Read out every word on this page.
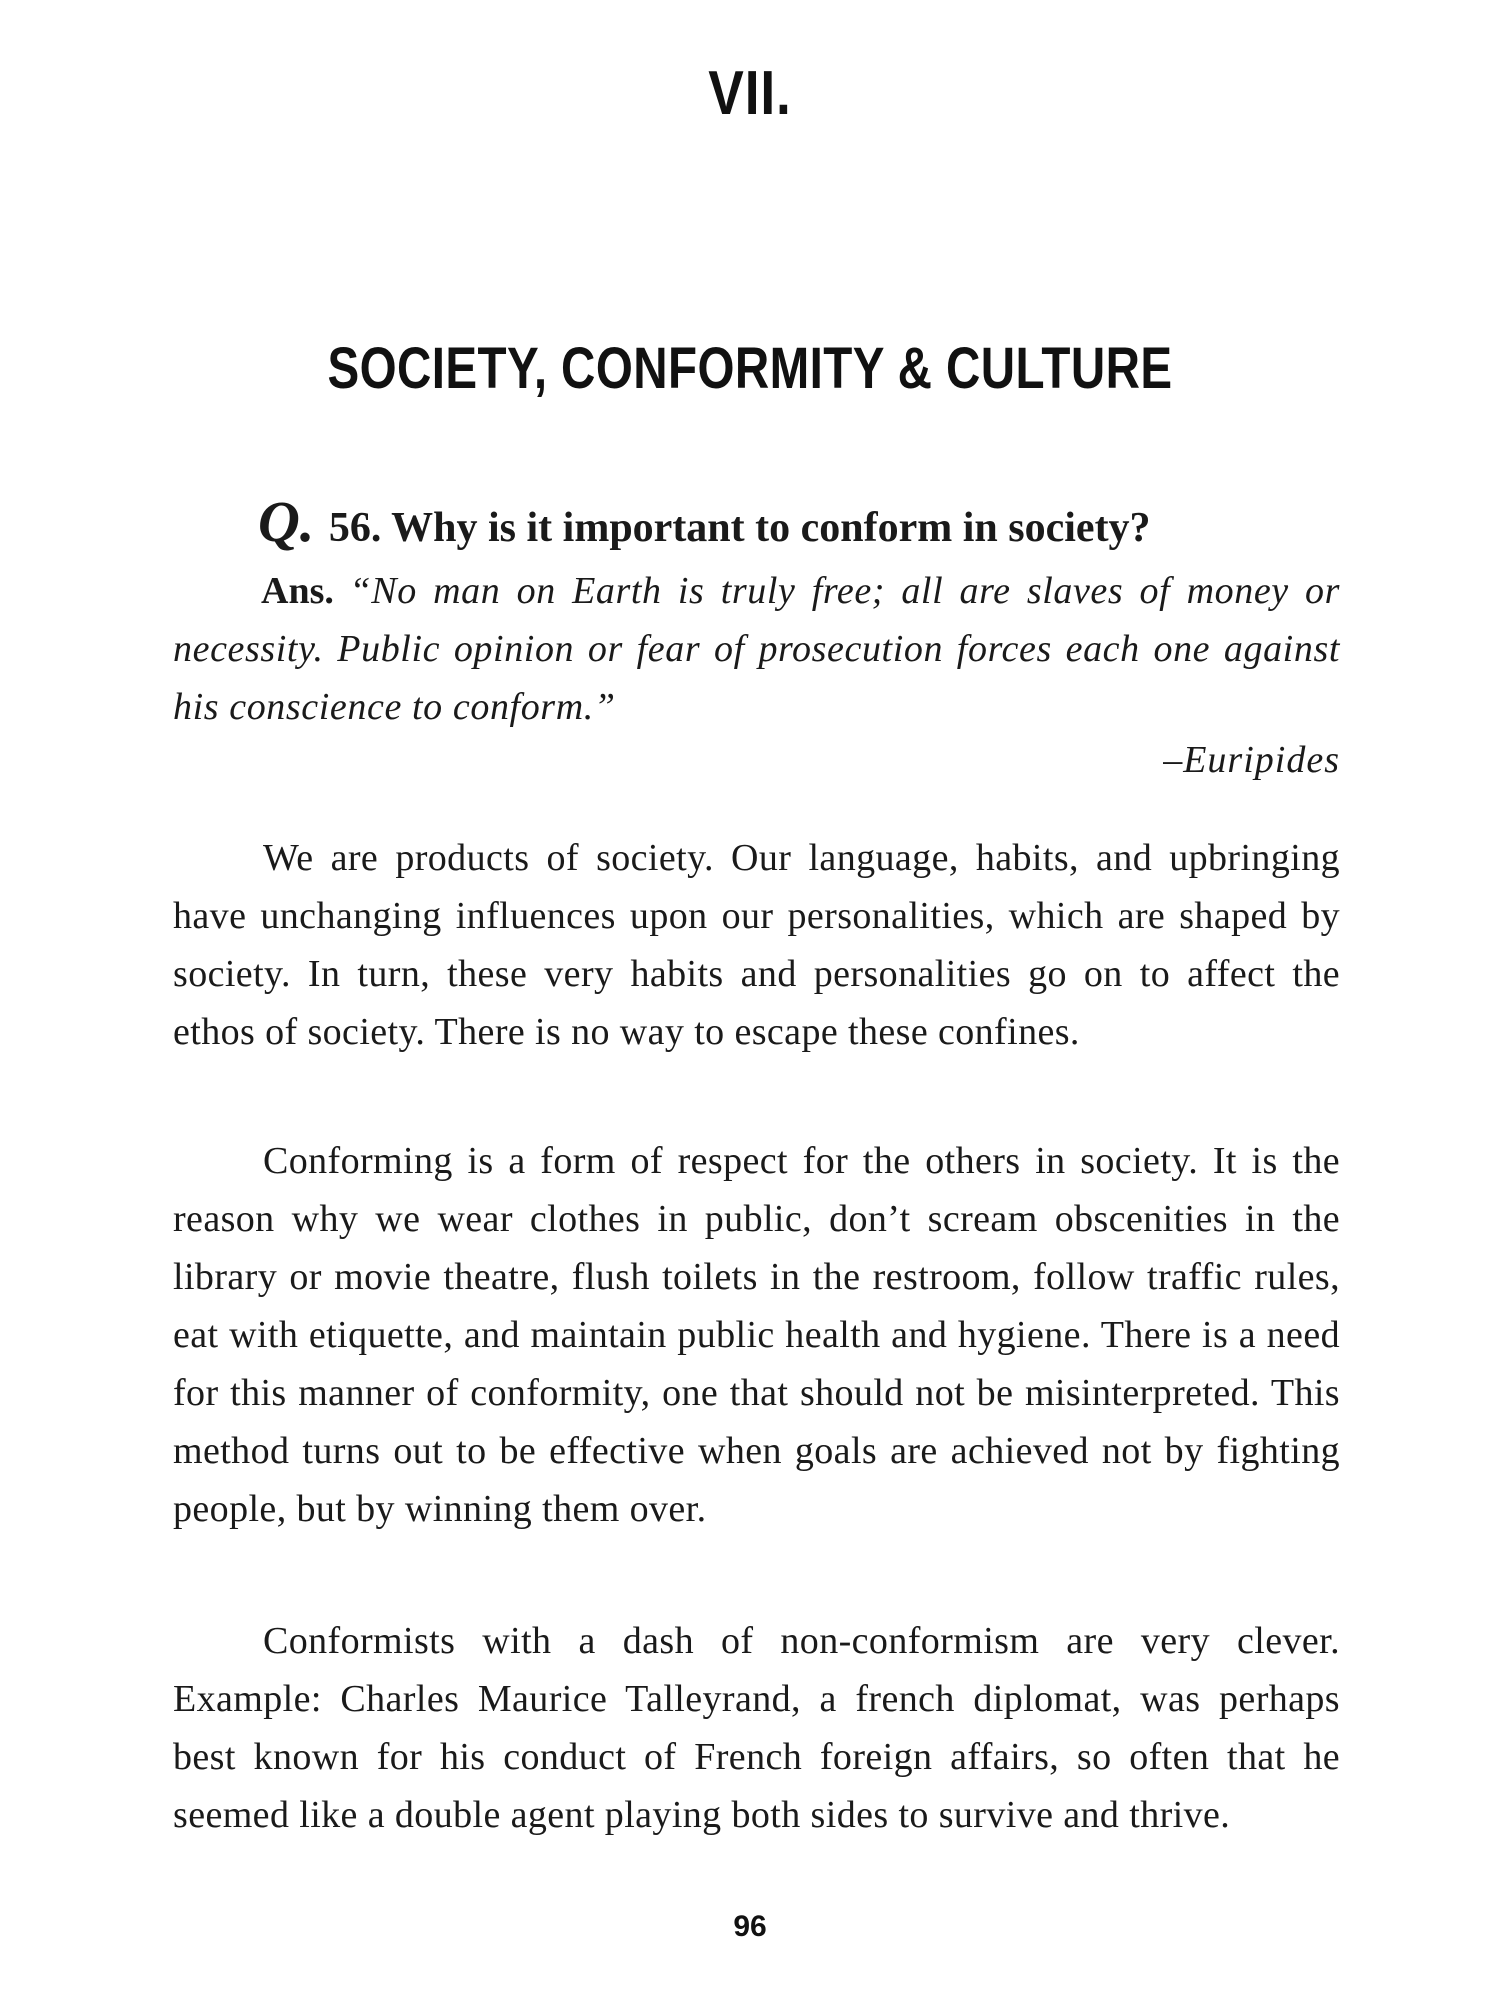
VII.
SOCIETY, CONFORMITY & CULTURE
Q. 56. Why is it important to conform in society?
Ans. “No man on Earth is truly free; all are slaves of money or necessity. Public opinion or fear of prosecution forces each one against his conscience to conform.”
–Euripides

We are products of society. Our language, habits, and upbringing have unchanging influences upon our personalities, which are shaped by society. In turn, these very habits and personalities go on to affect the ethos of society. There is no way to escape these confines.

Conforming is a form of respect for the others in society. It is the reason why we wear clothes in public, don’t scream obscenities in the library or movie theatre, flush toilets in the restroom, follow traffic rules, eat with etiquette, and maintain public health and hygiene. There is a need for this manner of conformity, one that should not be misinterpreted. This method turns out to be effective when goals are achieved not by fighting people, but by winning them over.

Conformists with a dash of non-conformism are very clever. Example: Charles Maurice Talleyrand, a french diplomat, was perhaps best known for his conduct of French foreign affairs, so often that he seemed like a double agent playing both sides to survive and thrive.

96
